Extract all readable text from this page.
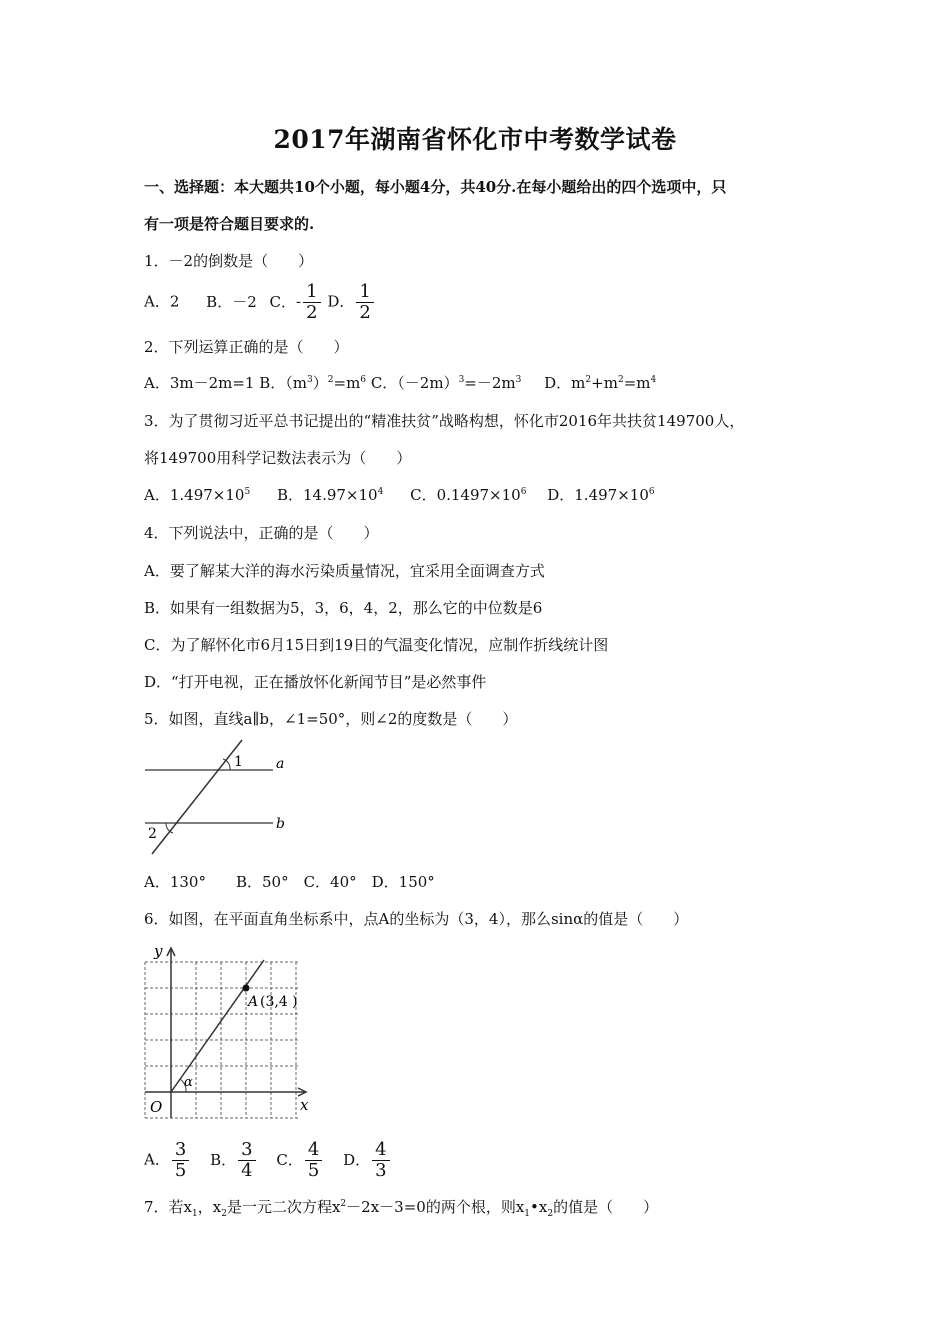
2017年湖南省怀化市中考数学试卷
一、选择题：本大题共10个小题，每小题4分，共40分.在每小题给出的四个选项中，只
有一项是符合题目要求的.
1．－2的倒数是（　　）
A．2 B．－2 C．- $\frac{1}{2}$ D． $\frac{1}{2}$
2．下列运算正确的是（　　）
A．3m－2m=1 B．$(m^3)^2=m^6$ C．$(-2m)^3=-2m^3$ D．$m^2+m^2=m^4$
3．为了贯彻习近平总书记提出的“精准扶贫”战略构想，怀化市2016年共扶贫149700人，
将149700用科学记数法表示为（　　）
A．$1.497\times 10^5$ B．$14.97\times 10^4$ C．$0.1497\times 10^6$ D．$1.497\times 10^6$
4．下列说法中，正确的是（　　）
A．要了解某大洋的海水污染质量情况，宜采用全面调查方式
B．如果有一组数据为5，3，6，4，2，那么它的中位数是6
C．为了解怀化市6月15日到19日的气温变化情况，应制作折线统计图
D．“打开电视，正在播放怀化新闻节目”是必然事件
5．如图，直线a∥b，∠1=50°，则∠2的度数是（　　）
1
2
a
b
A．130°　　B．50°　C．40°　D．150°
6．如图，在平面直角坐标系中，点A的坐标为（3，4），那么sinα的值是（　　）
α
y
x
O
A (3,4 )
A． $\frac{3}{5}$ B． $\frac{3}{4}$ C． $\frac{4}{5}$ D． $\frac{4}{3}$
7．若$x_1$，$x_2$是一元二次方程$x^2-2x-3=0$的两个根，则$x_1•x_2$的值是（　　）
